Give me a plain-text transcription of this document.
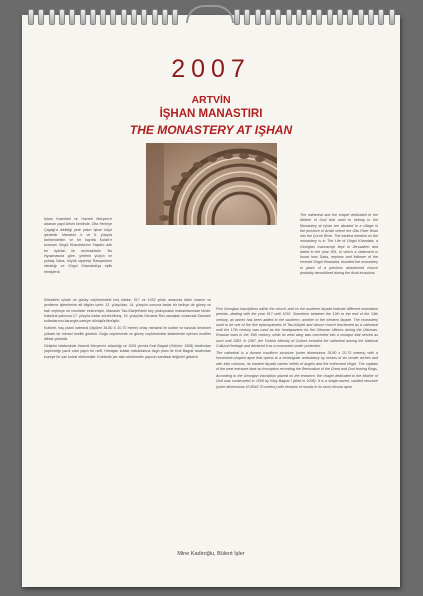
2007
ARTVİN
İŞHAN MANASTIRI
THE MONASTERY AT IŞHAN

İşhan Katedrali ve Hazreti Meryem'e adanan yapıt Artvin kentinde, Olta Yeniriye Çayağı'a dikildiği yere yakın İşhan köyü içindedir. Manastır 4. ve 5. yüzyıla tarihlendirilen ve bir kayıtta Kutab'ır korunan Girgul Khandzta'nın Yaşamı adlı bir öyküsü ile anılmaktadır. Bu elyazmasına göre, yerlerin yüzyılı ve yoldaş Saba, büyük ziyaretçi Ravşanların rahatlığı ve Girgul Khandzta'ya eşlik etmişlerdi.

Kiliselerin içinde ve güney cephesindeki beş kitabe, 917 ve 1032 yılları arasında farklı onarım ve yenileme işlemlerine ait bilgiler içerir. 12. yüzyıldan, 14. yüzyılın sonuna kadar bir tarihçe de güney ve batı cepheye ek meclisler eklenmiştir. Manastır Tao-Klarjeti'deki bey piskoposluk makamlarından biridir. Katedral yalnızca 17. yüzyıla kadar sürdürülmüş, 19. yüzyılda Osmanlı-Rus savaşları sırasında Osmanlı sultanlarının kararıyla camiye dönüştürülmüştür.

Kubbeli, haç planlı katedral (ölçüleri 35.80 X 20.70 metre) ortaç mimarisi ile kubbe ve kasnak örnekleri yüksek bir mimari özellik gösterir. Doğu cephesinde ve güney cephesindeki kitabelerde işlenen motifler dikkat çekicidir.

Girişteki kitabesinde Hazreti Meryem'e adandığı ve 1006 yılında Kral Bagrat (Hüküm: 1008) tarafından yaptırıldığı yazılı olan yapılı bir nefli, Hristiyan kutsal mekânlarına özgü planı ile Kral Bagrat tarafından kuzeye bir çan kulesi eklenmiştir. Kubbede yer alan süslemeler yapının sanatsal değerini gösterir.

The cathedral and the chapel dedicated to the Mother of God that used to belong to the Monastery at Işhan are situated in a village in the province of Artvin where the Oltu River flows into the Çoruh River. The earliest mention on the monastery is in The Life of Grigol Khandzta, a Georgian manuscript kept in Jerusalem and dated to the year 951, in which a statement is found how Saba, nephew and follower of the revered Grigol Khandzta, founded the monastery in place of a previous abandoned church probably demolished during the Arab invasions.

Five Georgian inscriptions within the church and on the southern façade indicate different restoration periods, dealing with the year 917 until 1032. Sometime between the 12th to the end of the 14th century, an annex has been added to the southern, another to the western façade. The monastery used to be one of the five episcopalsees of Tao-Klarjeti and whose church functioned as a cathedral until the 17th century was used as the headquarters for the Ottoman officers during the Ottoman-Russian wars in the 19th century, while its west wing was converted into a mosque that served as such until 1983. In 1987, the Turkish Ministry of Culture included the cathedral among the National Cultural Heritage and declared it as a monument under protection.

The cathedral is a domed cruciform structure (outer dimensions 35.80 x 20.70 meters) with a horseshoe-shaped apse that opens to a rectangular ambulatory by means of six ornate arches and with twin columns. Its eastern façade carries reliefs of angels and the enthroned Virgin. The capitals of the west entrance bear an inscription recording the Renovation of the Great and God-fearing Kings.

According to the Georgian inscription placed on the entrance, the chapel dedicated to the Mother of God was constructed in 1006 by King Bagrat I (died in 1008). It is a single-naved, vaulted structure (outer dimensions 10.80x5.70 meters) with remains of murals in its semi-circular apse.

Mine Kadiroğlu, Bülent İşler
